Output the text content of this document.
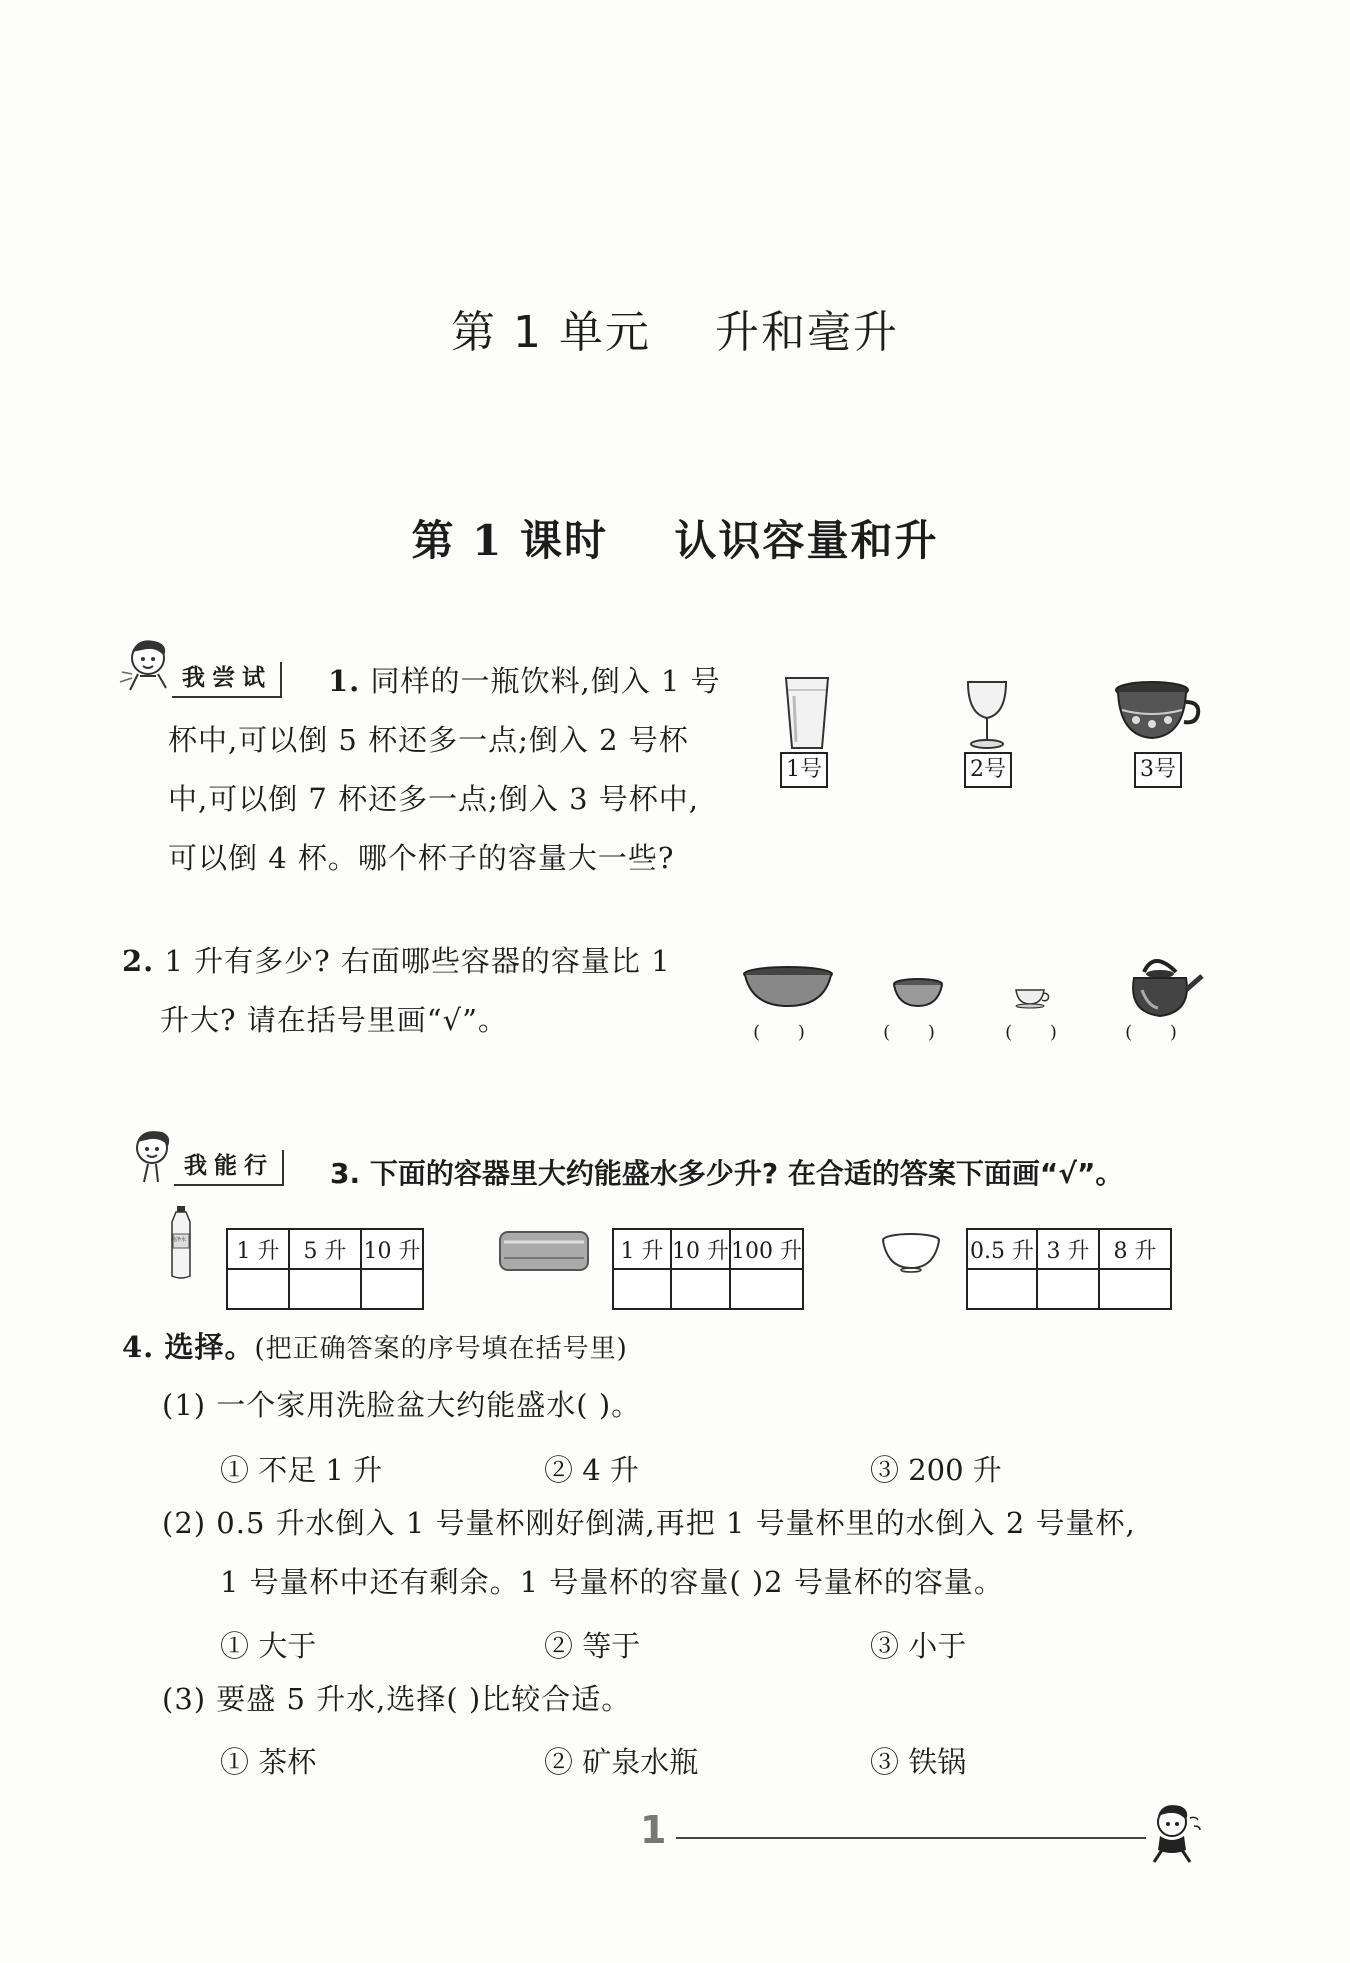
第 1 单元    升和毫升
第 1 课时    认识容量和升
我尝试	1. 同样的一瓶饮料,倒入 1 号
杯中,可以倒 5 杯还多一点;倒入 2 号杯
中,可以倒 7 杯还多一点;倒入 3 号杯中,
可以倒 4 杯。哪个杯子的容量大一些?
1号	2号	3号
2. 1 升有多少? 右面哪些容器的容量比 1
升大? 请在括号里画“√”。	( )	( )	( )	( )
我能行	3. 下面的容器里大约能盛水多少升? 在合适的答案下面画“√”。
纯净水 1 升	5 升	10 升
			1 升	10 升	100 升
			0.5 升	3 升	8 升

4. 选择。(把正确答案的序号填在括号里)
(1) 一个家用洗脸盆大约能盛水( )。
① 不足 1 升	② 4 升	③ 200 升
(2) 0.5 升水倒入 1 号量杯刚好倒满,再把 1 号量杯里的水倒入 2 号量杯,
1 号量杯中还有剩余。1 号量杯的容量( )2 号量杯的容量。
① 大于	② 等于	③ 小于
(3) 要盛 5 升水,选择( )比较合适。
① 茶杯	② 矿泉水瓶	③ 铁锅
1
